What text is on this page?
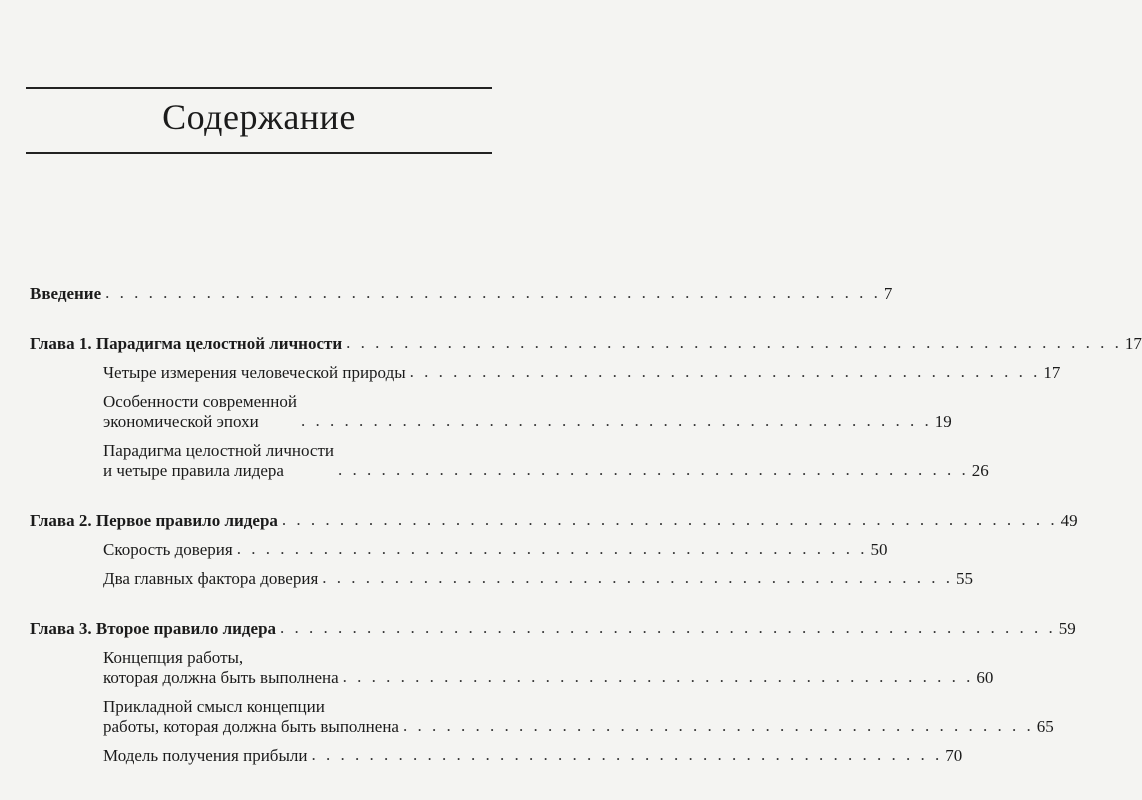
Содержание
Введение . . . . . . . . . . . . . . . . . . . . . . . . . . . . . . . . . . . . . . . . . . . . . . . . . . . . . . 7
Глава 1. Парадигма целостной личности . . . . . . . . . . . . . . . . . . . . . . . . . . . . . . . . . . . . . . . . . . . . . . . . . . . . . . 17
Четыре измерения человеческой природы . . . . . . . . . . . . . . . . . . . . . . . . . . . . . . . . . . . . . . . . . . . . 17
Особенности современной
экономической эпохи	. . . . . . . . . . . . . . . . . . . . . . . . . . . . . . . . . . . . . . . . . . . . 19
Парадигма целостной личности
и четыре правила лидера	. . . . . . . . . . . . . . . . . . . . . . . . . . . . . . . . . . . . . . . . . . . . 26
Глава 2. Первое правило лидера . . . . . . . . . . . . . . . . . . . . . . . . . . . . . . . . . . . . . . . . . . . . . . . . . . . . . . 49
Скорость доверия . . . . . . . . . . . . . . . . . . . . . . . . . . . . . . . . . . . . . . . . . . . . 50
Два главных фактора доверия . . . . . . . . . . . . . . . . . . . . . . . . . . . . . . . . . . . . . . . . . . . . 55
Глава 3. Второе правило лидера . . . . . . . . . . . . . . . . . . . . . . . . . . . . . . . . . . . . . . . . . . . . . . . . . . . . . . 59
Концепция работы,
которая должна быть выполнена . . . . . . . . . . . . . . . . . . . . . . . . . . . . . . . . . . . . . . . . . . . . 60
Прикладной смысл концепции
работы, которая должна быть выполнена . . . . . . . . . . . . . . . . . . . . . . . . . . . . . . . . . . . . . . . . . . . . 65
Модель получения прибыли . . . . . . . . . . . . . . . . . . . . . . . . . . . . . . . . . . . . . . . . . . . . 70
